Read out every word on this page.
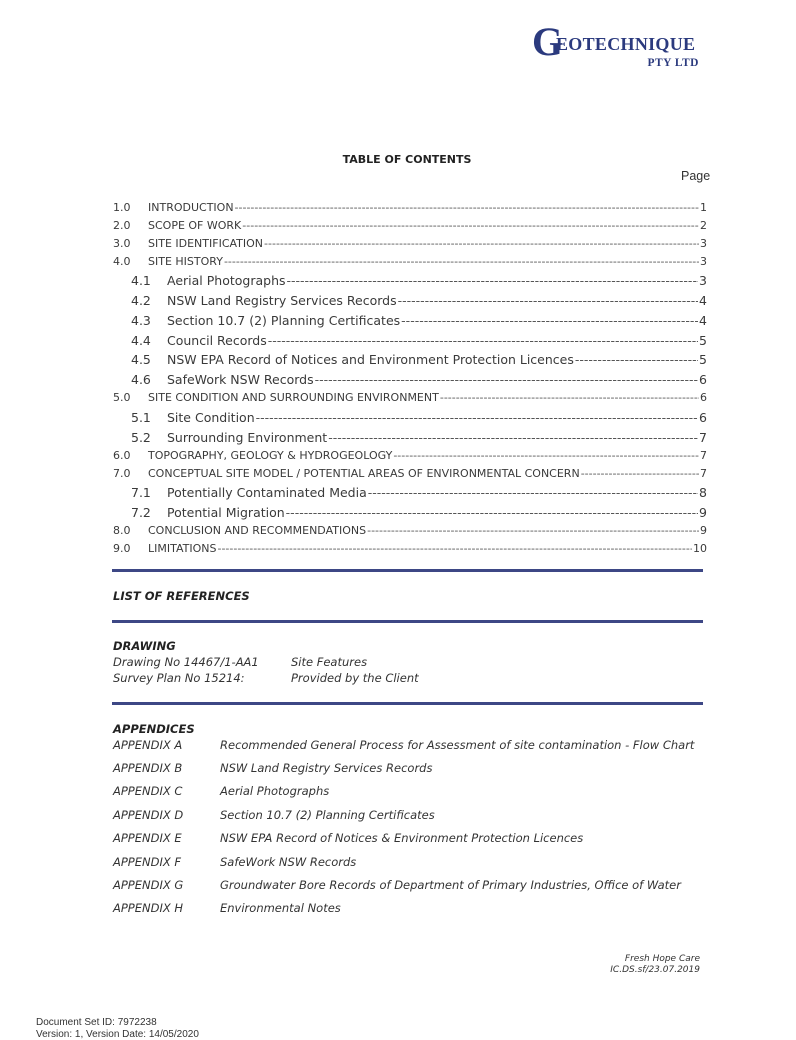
G
EOTECHNIQUE
PTY LTD
TABLE OF CONTENTS
Page
1.0	INTRODUCTION -----	1
2.0	SCOPE OF WORK -----	2
3.0	SITE IDENTIFICATION -----	3
4.0	SITE HISTORY -----	3
4.1	Aerial Photographs -----	3
4.2	NSW Land Registry Services Records -----	4
4.3	Section 10.7 (2) Planning Certificates -----	4
4.4	Council Records -----	5
4.5	NSW EPA Record of Notices and Environment Protection Licences -----	5
4.6	SafeWork NSW Records -----	6
5.0	SITE CONDITION AND SURROUNDING ENVIRONMENT -----	6
5.1	Site Condition -----	6
5.2	Surrounding Environment -----	7
6.0	TOPOGRAPHY, GEOLOGY & HYDROGEOLOGY -----	7
7.0	CONCEPTUAL SITE MODEL / POTENTIAL AREAS OF ENVIRONMENTAL CONCERN -----	7
7.1	Potentially Contaminated Media -----	8
7.2	Potential Migration -----	9
8.0	CONCLUSION AND RECOMMENDATIONS -----	9
9.0	LIMITATIONS -----	10
LIST OF REFERENCES
DRAWING
Drawing No 14467/1-AA1	Site Features
Survey Plan No 15214:	Provided by the Client
APPENDICES
APPENDIX A	Recommended General Process for Assessment of site contamination - Flow Chart
APPENDIX B	NSW Land Registry Services Records
APPENDIX C	Aerial Photographs
APPENDIX D	Section 10.7 (2) Planning Certificates
APPENDIX E	NSW EPA Record of Notices & Environment Protection Licences
APPENDIX F	SafeWork NSW Records
APPENDIX G	Groundwater Bore Records of Department of Primary Industries, Office of Water
APPENDIX H	Environmental Notes
Fresh Hope Care
IC.DS.sf/23.07.2019
Document Set ID: 7972238
Version: 1, Version Date: 14/05/2020
